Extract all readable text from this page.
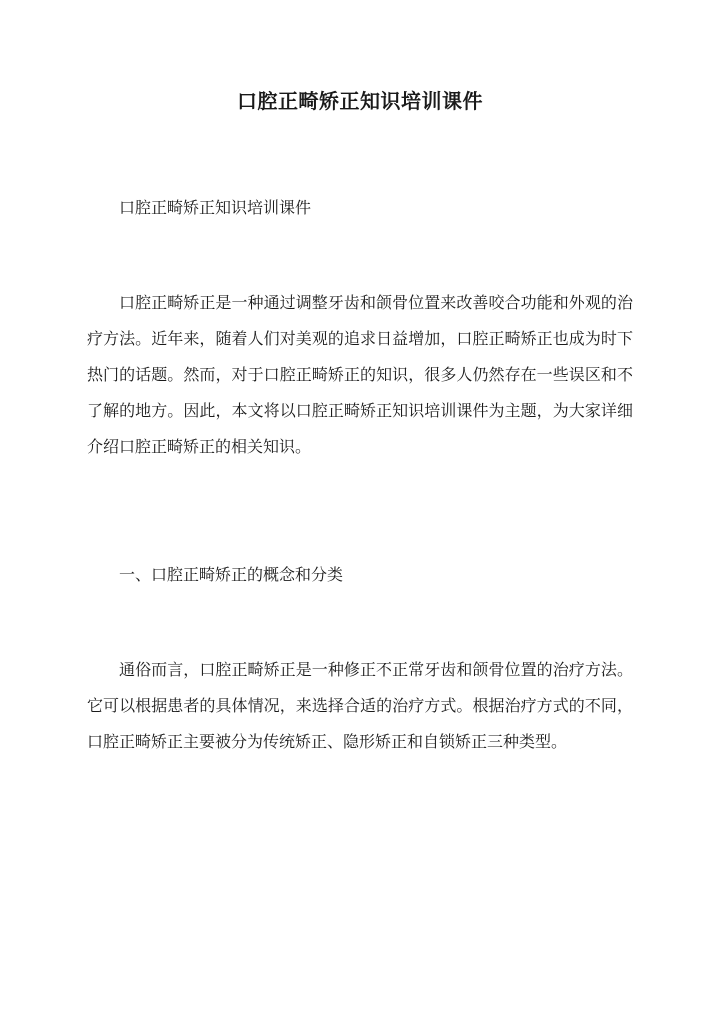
口腔正畸矫正知识培训课件

口腔正畸矫正知识培训课件

口腔正畸矫正是一种通过调整牙齿和颌骨位置来改善咬合功能和外观的治疗方法。近年来，随着人们对美观的追求日益增加，口腔正畸矫正也成为时下热门的话题。然而，对于口腔正畸矫正的知识，很多人仍然存在一些误区和不了解的地方。因此，本文将以口腔正畸矫正知识培训课件为主题，为大家详细介绍口腔正畸矫正的相关知识。

一、口腔正畸矫正的概念和分类

通俗而言，口腔正畸矫正是一种修正不正常牙齿和颌骨位置的治疗方法。它可以根据患者的具体情况，来选择合适的治疗方式。根据治疗方式的不同，口腔正畸矫正主要被分为传统矫正、隐形矫正和自锁矫正三种类型。
